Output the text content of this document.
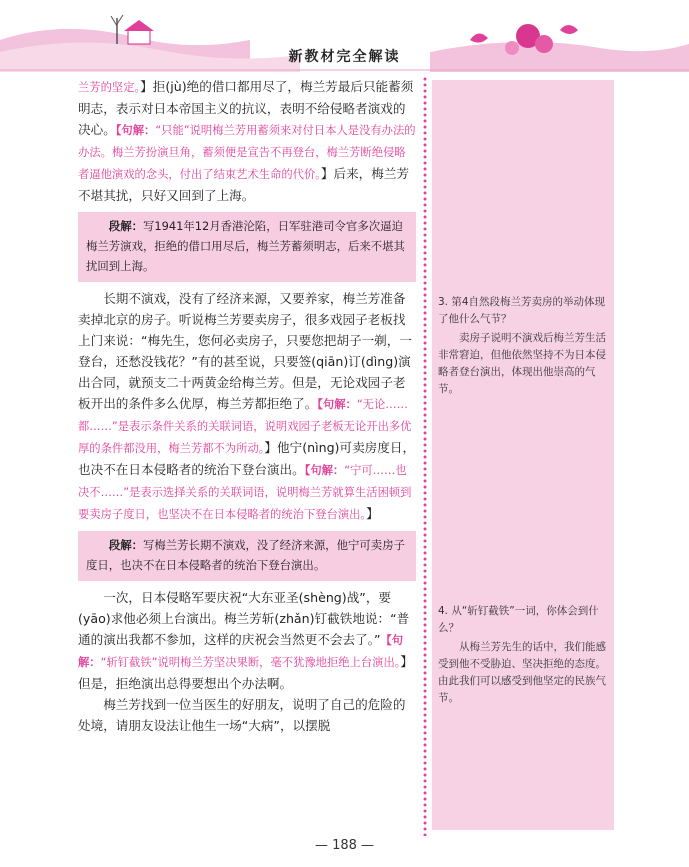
新教材完全解读

兰芳的坚定。】拒(jù)绝的借口都用尽了，梅兰芳最后只能蓄须明志，表示对日本帝国主义的抗议，表明不给侵略者演戏的决心。【句解：“只能”说明梅兰芳用蓄须来对付日本人是没有办法的办法。梅兰芳扮演旦角，蓄须便是宣告不再登台，梅兰芳断绝侵略者逼他演戏的念头，付出了结束艺术生命的代价。】后来，梅兰芳不堪其扰，只好又回到了上海。

段解：写1941年12月香港沦陷，日军驻港司令官多次逼迫梅兰芳演戏，拒绝的借口用尽后，梅兰芳蓄须明志，后来不堪其扰回到上海。

长期不演戏，没有了经济来源，又要养家，梅兰芳准备卖掉北京的房子。听说梅兰芳要卖房子，很多戏园子老板找上门来说：“梅先生，您何必卖房子，只要您把胡子一剃，一登台，还愁没钱花？”有的甚至说，只要签(qiān)订(dìng)演出合同，就预支二十两黄金给梅兰芳。但是，无论戏园子老板开出的条件多么优厚，梅兰芳都拒绝了。【句解：“无论……都……”是表示条件关系的关联词语，说明戏园子老板无论开出多优厚的条件都没用，梅兰芳都不为所动。】他宁(nìng)可卖房度日，也决不在日本侵略者的统治下登台演出。【句解：“宁可……也决不……”是表示选择关系的关联词语，说明梅兰芳就算生活困顿到要卖房子度日，也坚决不在日本侵略者的统治下登台演出。】

段解：写梅兰芳长期不演戏，没了经济来源，他宁可卖房子度日，也决不在日本侵略者的统治下登台演出。

一次，日本侵略军要庆祝“大东亚圣(shèng)战”，要(yāo)求他必须上台演出。梅兰芳斩(zhǎn)钉截铁地说：“普通的演出我都不参加，这样的庆祝会当然更不会去了。”【句解：“斩钉截铁”说明梅兰芳坚决果断，毫不犹豫地拒绝上台演出。】但是，拒绝演出总得要想出个办法啊。

梅兰芳找到一位当医生的好朋友，说明了自己的危险的处境，请朋友设法让他生一场“大病”，以摆脱

3. 第4自然段梅兰芳卖房的举动体现了他什么气节？
卖房子说明不演戏后梅兰芳生活非常窘迫，但他依然坚持不为日本侵略者登台演出，体现出他崇高的气节。
4. 从“斩钉截铁”一词，你体会到什么？
从梅兰芳先生的话中，我们能感受到他不受胁迫、坚决拒绝的态度。由此我们可以感受到他坚定的民族气节。
— 188 —
